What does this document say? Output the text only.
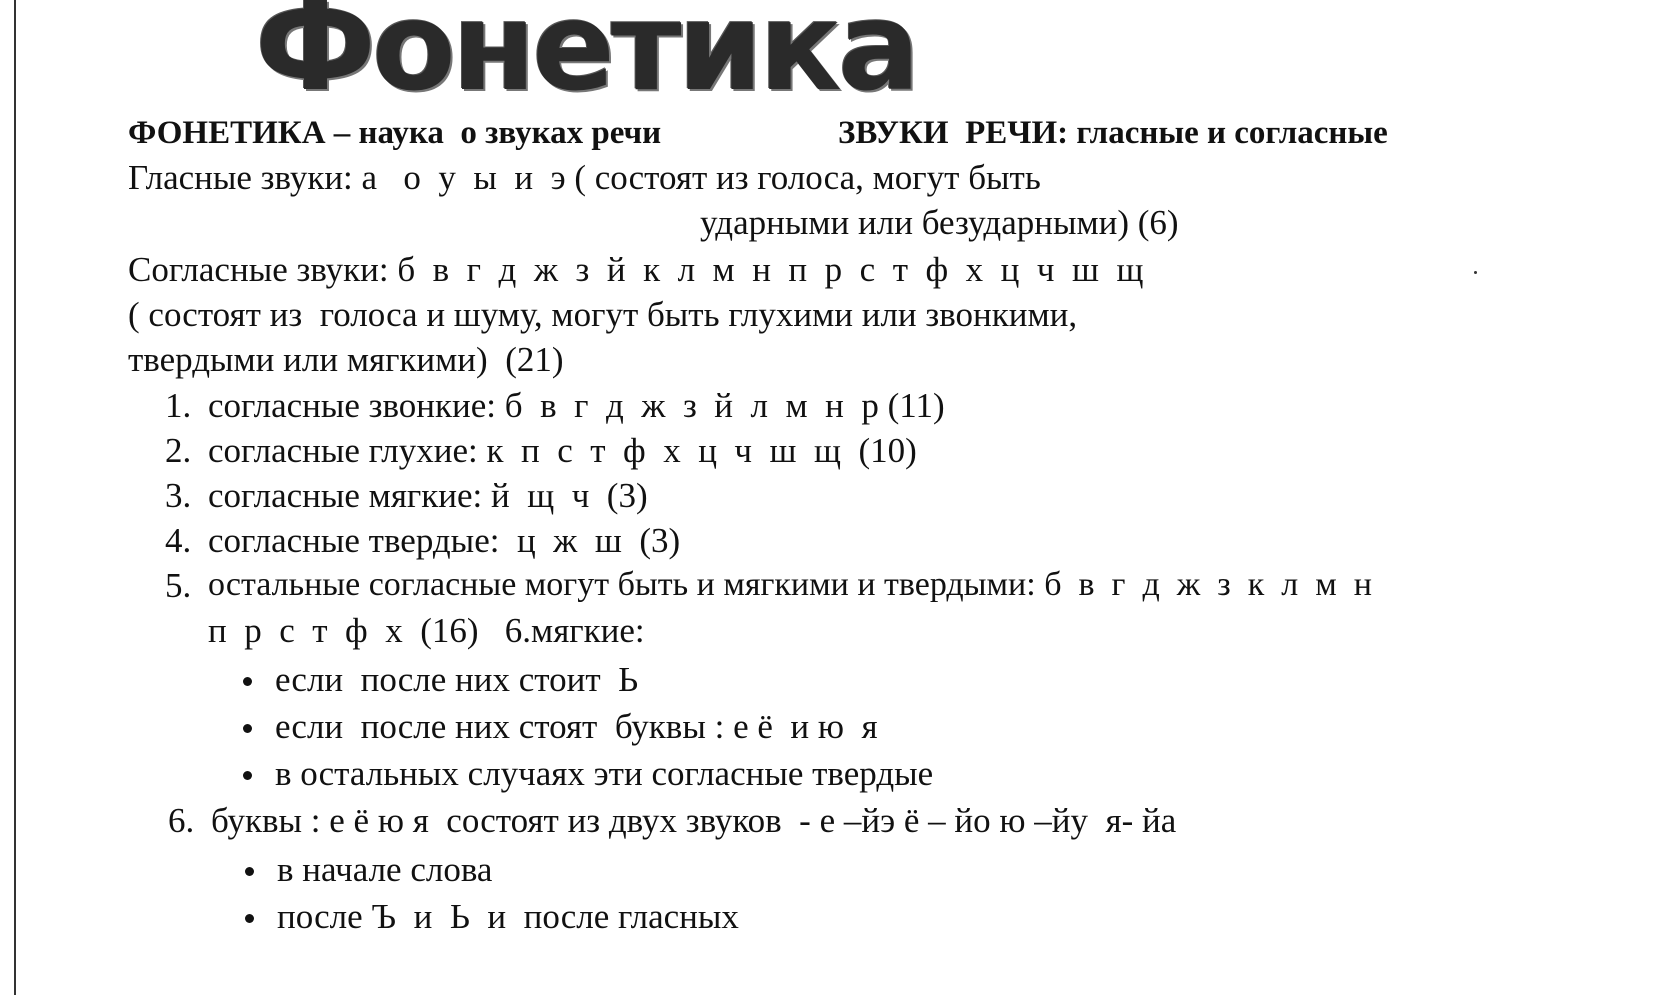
Фонетика
ФОНЕТИКА – наука  о звуках речи	ЗВУКИ  РЕЧИ: гласные и согласные
Гласные звуки: а   о  у  ы  и  э ( состоят из голоса, могут быть
ударными или безударными) (6)
Согласные звуки: б  в  г  д  ж  з  й  к  л  м  н  п  р  с  т  ф  х  ц  ч  ш  щ
( состоят из  голоса и шуму, могут быть глухими или звонкими,
твердыми или мягкими)  (21)
1. согласные звонкие: б  в  г  д  ж  з  й  л  м  н  р (11)
2. согласные глухие: к  п  с  т  ф  х  ц  ч  ш  щ  (10)
3. согласные мягкие: й  щ  ч  (3)
4. согласные твердые:  ц  ж  ш  (3)
5. остальные согласные могут быть и мягкими и твердыми: б  в  г  д  ж  з  к  л  м  н
п  р  с  т  ф  х  (16)   6.мягкие:
если  после них стоит  Ь
если  после них стоят  буквы : е ё  и ю  я
в остальных случаях эти согласные твердые
6. буквы : е ё ю я  состоят из двух звуков  - е –йэ ё – йо ю –йу  я- йа
в начале слова
после Ъ  и  Ь  и  после гласных
